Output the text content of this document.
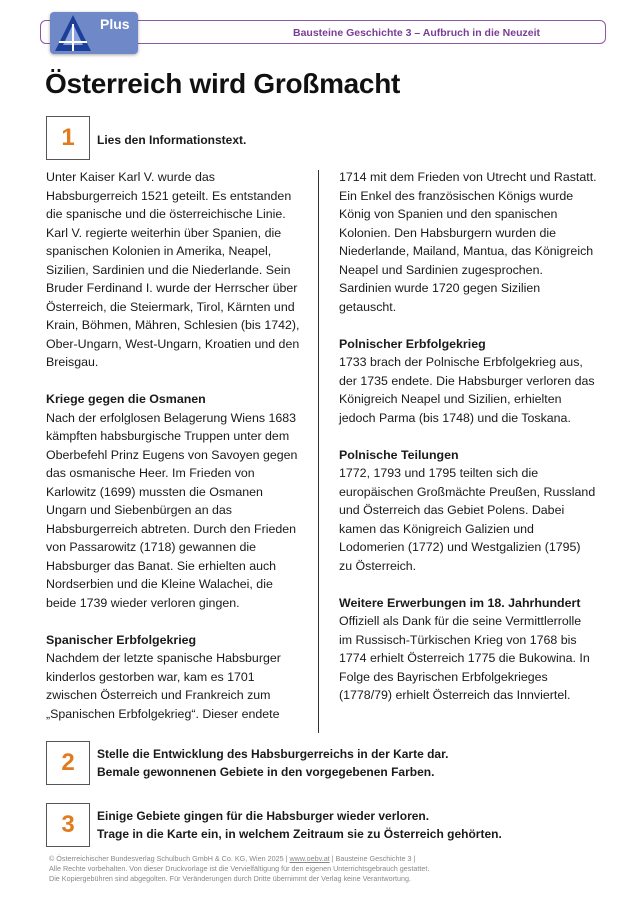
Bausteine Geschichte 3 – Aufbruch in die Neuzeit
Plus
Österreich wird Großmacht
1	Lies den Informationstext.

Unter Kaiser Karl V. wurde das Habsburgerreich 1521 geteilt. Es entstanden die spanische und die österreichische Linie. Karl V. regierte weiterhin über Spanien, die spanischen Kolonien in Amerika, Neapel, Sizilien, Sardinien und die Niederlande. Sein Bruder Ferdinand I. wurde der Herrscher über Österreich, die Steiermark, Tirol, Kärnten und Krain, Böhmen, Mähren, Schlesien (bis 1742), Ober-Ungarn, West-Ungarn, Kroatien und den Breisgau.

Kriege gegen die Osmanen

Nach der erfolglosen Belagerung Wiens 1683 kämpften habsburgische Truppen unter dem Oberbefehl Prinz Eugens von Savoyen gegen das osmanische Heer. Im Frieden von Karlowitz (1699) mussten die Osmanen Ungarn und Siebenbürgen an das Habsburgerreich abtreten. Durch den Frieden von Passarowitz (1718) gewannen die Habsburger das Banat. Sie erhielten auch Nordserbien und die Kleine Walachei, die beide 1739 wieder verloren gingen.

Spanischer Erbfolgekrieg

Nachdem der letzte spanische Habsburger kinderlos gestorben war, kam es 1701 zwischen Österreich und Frankreich zum „Spanischen Erbfolgekrieg“. Dieser endete

1714 mit dem Frieden von Utrecht und Rastatt. Ein Enkel des französischen Königs wurde König von Spanien und den spanischen Kolonien. Den Habsburgern wurden die Niederlande, Mailand, Mantua, das Königreich Neapel und Sardinien zugesprochen. Sardinien wurde 1720 gegen Sizilien getauscht.

Polnischer Erbfolgekrieg

1733 brach der Polnische Erbfolgekrieg aus, der 1735 endete. Die Habsburger verloren das Königreich Neapel und Sizilien, erhielten jedoch Parma (bis 1748) und die Toskana.

Polnische Teilungen

1772, 1793 und 1795 teilten sich die europäischen Großmächte Preußen, Russland und Österreich das Gebiet Polens. Dabei kamen das Königreich Galizien und Lodomerien (1772) und Westgalizien (1795) zu Österreich.

Weitere Erwerbungen im 18. Jahrhundert

Offiziell als Dank für die seine Vermittlerrolle im Russisch-Türkischen Krieg von 1768 bis 1774 erhielt Österreich 1775 die Bukowina. In Folge des Bayrischen Erbfolgekrieges (1778/79) erhielt Österreich das Innviertel.

2	Stelle die Entwicklung des Habsburgerreichs in der Karte dar.
Bemale gewonnenen Gebiete in den vorgegebenen Farben.
3	Einige Gebiete gingen für die Habsburger wieder verloren.
Trage in die Karte ein, in welchem Zeitraum sie zu Österreich gehörten.
© Österreichischer Bundesverlag Schulbuch GmbH & Co. KG, Wien 2025 | www.oebv.at | Bausteine Geschichte 3 |
Alle Rechte vorbehalten. Von dieser Druckvorlage ist die Vervielfältigung für den eigenen Unterrichtsgebrauch gestattet.
Die Kopiergebühren sind abgegolten. Für Veränderungen durch Dritte übernimmt der Verlag keine Verantwortung.
